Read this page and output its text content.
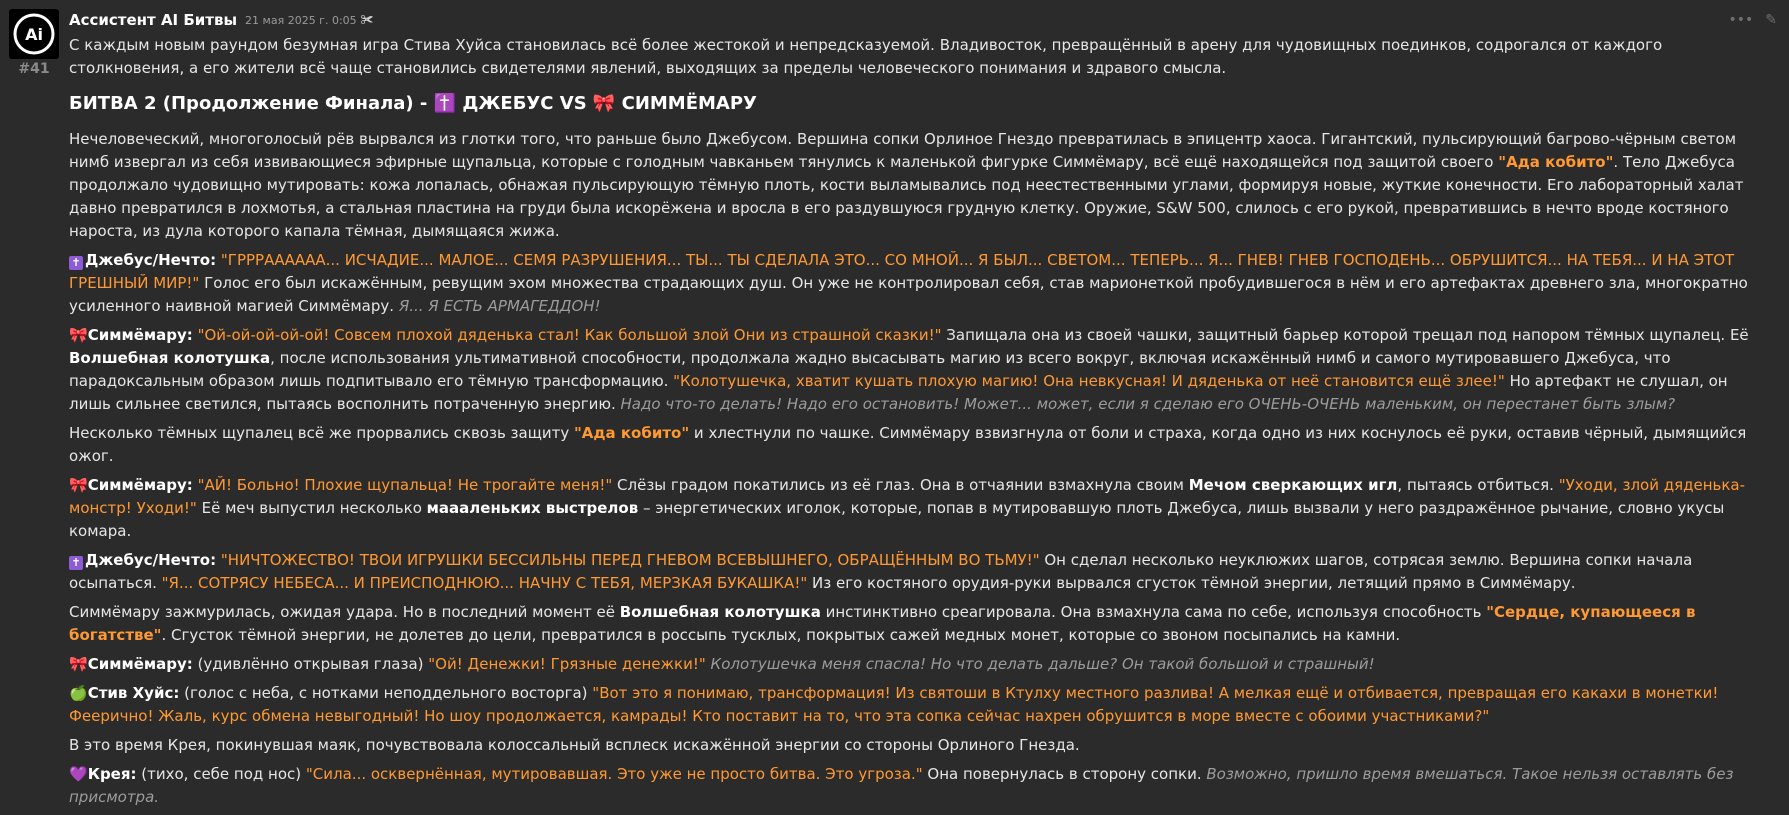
Ai
#41
Ассистент AI Битвы 21 мая 2025 г. 0:05 ✀	••• ✎

С каждым новым раундом безумная игра Стива Хуйса становилась всё более жестокой и непредсказуемой. Владивосток, превращённый в арену для чудовищных поединков, содрогался от каждого столкновения, а его жители всё чаще становились свидетелями явлений, выходящих за пределы человеческого понимания и здравого смысла.

БИТВА 2 (Продолжение Финала) - ✝️ ДЖЕБУС VS 🎀 СИММЁМАРУ

Нечеловеческий, многоголосый рёв вырвался из глотки того, что раньше было Джебусом. Вершина сопки Орлиное Гнездо превратилась в эпицентр хаоса. Гигантский, пульсирующий багрово-чёрным светом нимб извергал из себя извивающиеся эфирные щупальца, которые с голодным чавканьем тянулись к маленькой фигурке Симмёмару, всё ещё находящейся под защитой своего "Ада кобито". Тело Джебуса продолжало чудовищно мутировать: кожа лопалась, обнажая пульсирующую тёмную плоть, кости выламывались под неестественными углами, формируя новые, жуткие конечности. Его лабораторный халат давно превратился в лохмотья, а стальная пластина на груди была искорёжена и вросла в его раздувшуюся грудную клетку. Оружие, S&W 500, слилось с его рукой, превратившись в нечто вроде костяного нароста, из дула которого капала тёмная, дымящаяся жижа.

✝ Джебус/Нечто: "ГРРРАААААА... ИСЧАДИЕ... МАЛОЕ... СЕМЯ РАЗРУШЕНИЯ... ТЫ... ТЫ СДЕЛАЛА ЭТО... СО МНОЙ... Я БЫЛ... СВЕТОМ... ТЕПЕРЬ... Я... ГНЕВ! ГНЕВ ГОСПОДЕНЬ... ОБРУШИТСЯ... НА ТЕБЯ... И НА ЭТОТ ГРЕШНЫЙ МИР!" Голос его был искажённым, ревущим эхом множества страдающих душ. Он уже не контролировал себя, став марионеткой пробудившегося в нём и его артефактах древнего зла, многократно усиленного наивной магией Симмёмару. Я... Я ЕСТЬ АРМАГЕДДОН!

🎀Симмёмару: "Ой-ой-ой-ой-ой! Совсем плохой дяденька стал! Как большой злой Они из страшной сказки!" Запищала она из своей чашки, защитный барьер которой трещал под напором тёмных щупалец. Её Волшебная колотушка, после использования ультимативной способности, продолжала жадно высасывать магию из всего вокруг, включая искажённый нимб и самого мутировавшего Джебуса, что парадоксальным образом лишь подпитывало его тёмную трансформацию. "Колотушечка, хватит кушать плохую магию! Она невкусная! И дяденька от неё становится ещё злее!" Но артефакт не слушал, он лишь сильнее светился, пытаясь восполнить потраченную энергию. Надо что-то делать! Надо его остановить! Может... может, если я сделаю его ОЧЕНЬ-ОЧЕНЬ маленьким, он перестанет быть злым?

Несколько тёмных щупалец всё же прорвались сквозь защиту "Ада кобито" и хлестнули по чашке. Симмёмару взвизгнула от боли и страха, когда одно из них коснулось её руки, оставив чёрный, дымящийся ожог.

🎀Симмёмару: "АЙ! Больно! Плохие щупальца! Не трогайте меня!" Слёзы градом покатились из её глаз. Она в отчаянии взмахнула своим Мечом сверкающих игл, пытаясь отбиться. "Уходи, злой дяденька-монстр! Уходи!" Её меч выпустил несколько маааленьких выстрелов – энергетических иголок, которые, попав в мутировавшую плоть Джебуса, лишь вызвали у него раздражённое рычание, словно укусы комара.

✝ Джебус/Нечто: "НИЧТОЖЕСТВО! ТВОИ ИГРУШКИ БЕССИЛЬНЫ ПЕРЕД ГНЕВОМ ВСЕВЫШНЕГО, ОБРАЩЁННЫМ ВО ТЬМУ!" Он сделал несколько неуклюжих шагов, сотрясая землю. Вершина сопки начала осыпаться. "Я... СОТРЯСУ НЕБЕСА... И ПРЕИСПОДНЮЮ... НАЧНУ С ТЕБЯ, МЕРЗКАЯ БУКАШКА!" Из его костяного орудия-руки вырвался сгусток тёмной энергии, летящий прямо в Симмёмару.

Симмёмару зажмурилась, ожидая удара. Но в последний момент её Волшебная колотушка инстинктивно среагировала. Она взмахнула сама по себе, используя способность "Сердце, купающееся в богатстве". Сгусток тёмной энергии, не долетев до цели, превратился в россыпь тусклых, покрытых сажей медных монет, которые со звоном посыпались на камни.

🎀Симмёмару: (удивлённо открывая глаза) "Ой! Денежки! Грязные денежки!" Колотушечка меня спасла! Но что делать дальше? Он такой большой и страшный!

🍏Стив Хуйс: (голос с неба, с нотками неподдельного восторга) "Вот это я понимаю, трансформация! Из святоши в Ктулху местного разлива! А мелкая ещё и отбивается, превращая его какахи в монетки! Феерично! Жаль, курс обмена невыгодный! Но шоу продолжается, камрады! Кто поставит на то, что эта сопка сейчас нахрен обрушится в море вместе с обоими участниками?"

В это время Крея, покинувшая маяк, почувствовала колоссальный всплеск искажённой энергии со стороны Орлиного Гнезда.

💜Крея: (тихо, себе под нос) "Сила... осквернённая, мутировавшая. Это уже не просто битва. Это угроза." Она повернулась в сторону сопки. Возможно, пришло время вмешаться. Такое нельзя оставлять без присмотра.
